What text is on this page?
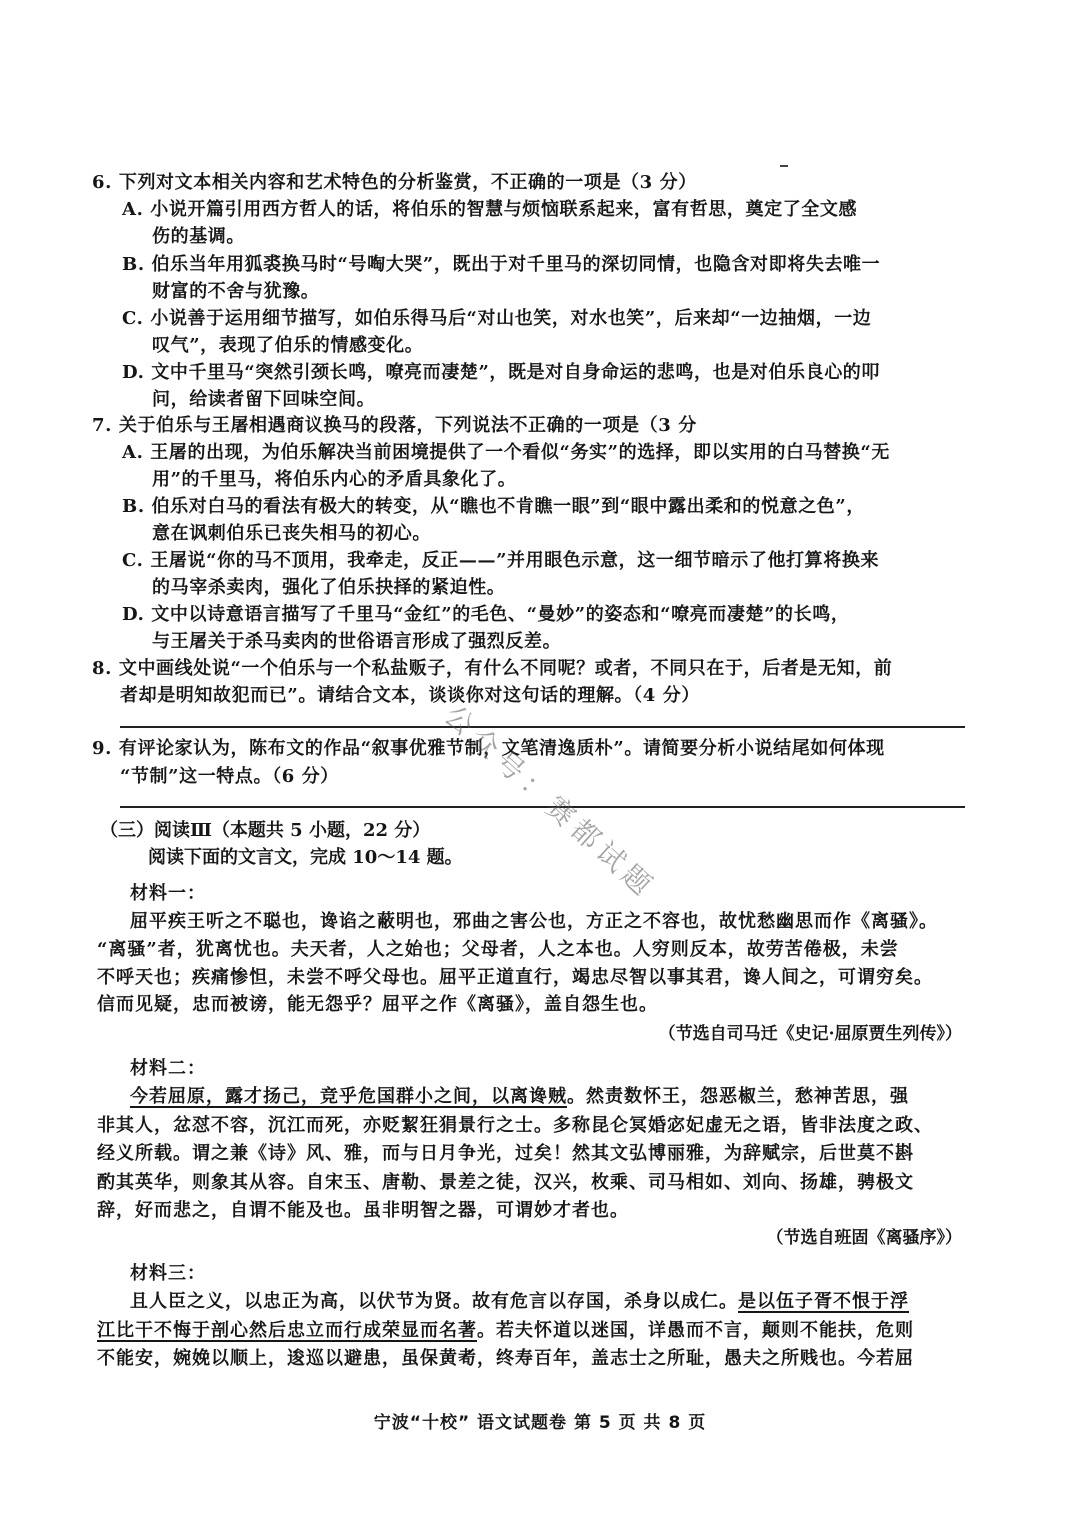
6. 下列对文本相关内容和艺术特色的分析鉴赏，不正确的一项是（3 分）
A. 小说开篇引用西方哲人的话，将伯乐的智慧与烦恼联系起来，富有哲思，奠定了全文感
伤的基调。
B. 伯乐当年用狐裘换马时“号啕大哭”，既出于对千里马的深切同情，也隐含对即将失去唯一
财富的不舍与犹豫。
C. 小说善于运用细节描写，如伯乐得马后“对山也笑，对水也笑”，后来却“一边抽烟，一边
叹气”，表现了伯乐的情感变化。
D. 文中千里马“突然引颈长鸣，嘹亮而凄楚”，既是对自身命运的悲鸣，也是对伯乐良心的叩
问，给读者留下回味空间。
7. 关于伯乐与王屠相遇商议换马的段落，下列说法不正确的一项是（3 分
A. 王屠的出现，为伯乐解决当前困境提供了一个看似“务实”的选择，即以实用的白马替换“无
用”的千里马，将伯乐内心的矛盾具象化了。
B. 伯乐对白马的看法有极大的转变，从“瞧也不肯瞧一眼”到“眼中露出柔和的悦意之色”，
意在讽刺伯乐已丧失相马的初心。
C. 王屠说“你的马不顶用，我牵走，反正——”并用眼色示意，这一细节暗示了他打算将换来
的马宰杀卖肉，强化了伯乐抉择的紧迫性。
D. 文中以诗意语言描写了千里马“金红”的毛色、“曼妙”的姿态和“嘹亮而凄楚”的长鸣，
与王屠关于杀马卖肉的世俗语言形成了强烈反差。
8. 文中画线处说“一个伯乐与一个私盐贩子，有什么不同呢？或者，不同只在于，后者是无知，前
者却是明知故犯而已”。请结合文本，谈谈你对这句话的理解。（4 分）
9. 有评论家认为，陈布文的作品“叙事优雅节制，文笔清逸质朴”。请简要分析小说结尾如何体现
“节制”这一特点。（6 分）
（三）阅读Ⅲ（本题共 5 小题，22 分）
阅读下面的文言文，完成 10～14 题。
材料一：
屈平疾王听之不聪也，谗谄之蔽明也，邪曲之害公也，方正之不容也，故忧愁幽思而作《离骚》。
“离骚”者，犹离忧也。夫天者，人之始也；父母者，人之本也。人穷则反本，故劳苦倦极，未尝
不呼天也；疾痛惨怛，未尝不呼父母也。屈平正道直行，竭忠尽智以事其君，谗人间之，可谓穷矣。
信而见疑，忠而被谤，能无怨乎？屈平之作《离骚》，盖自怨生也。
（节选自司马迁《史记·屈原贾生列传》）
材料二：
今若屈原，露才扬己，竞乎危国群小之间，以离谗贼。然责数怀王，怨恶椒兰，愁神苦思，强
非其人，忿怼不容，沉江而死，亦贬絜狂狷景行之士。多称昆仑冥婚宓妃虚无之语，皆非法度之政、
经义所载。谓之兼《诗》风、雅，而与日月争光，过矣！然其文弘博丽雅，为辞赋宗，后世莫不斟
酌其英华，则象其从容。自宋玉、唐勒、景差之徒，汉兴，枚乘、司马相如、刘向、扬雄，骋极文
辞，好而悲之，自谓不能及也。虽非明智之器，可谓妙才者也。
（节选自班固《离骚序》）
材料三：
且人臣之义，以忠正为高，以伏节为贤。故有危言以存国，杀身以成仁。是以伍子胥不恨于浮
江比干不悔于剖心然后忠立而行成荣显而名著。若夫怀道以迷国，详愚而不言，颠则不能扶，危则
不能安，婉娩以顺上，逡巡以避患，虽保黄耇，终寿百年，盖志士之所耻，愚夫之所贱也。今若屈
宁波“十校” 语文试题卷 第 5 页 共 8 页
公众号：赛都试题
